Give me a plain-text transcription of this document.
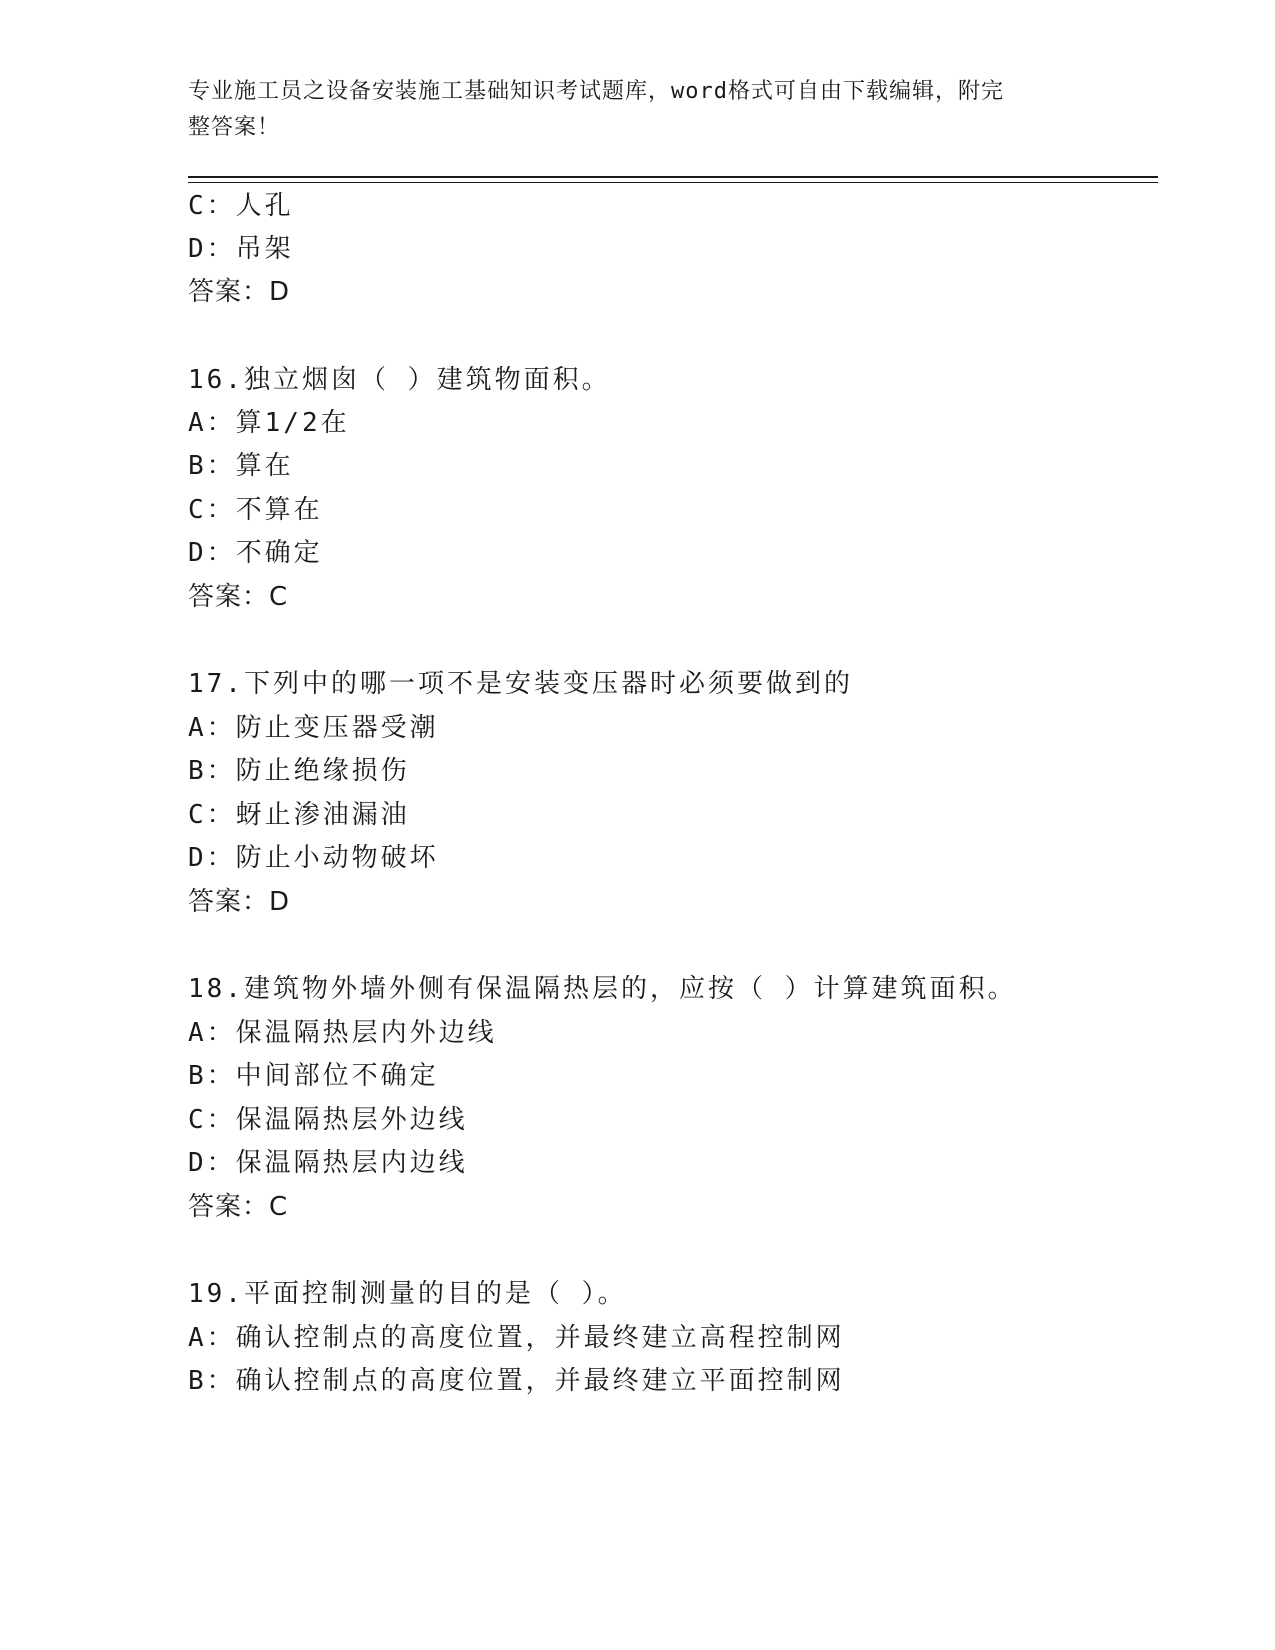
专业施工员之设备安装施工基础知识考试题库，word格式可自由下载编辑，附完
整答案！
C：人孔
D：吊架
答案：D
16.独立烟囱（ ）建筑物面积。
A：算1/2在
B：算在
C：不算在
D：不确定
答案：C
17.下列中的哪一项不是安装变压器时必须要做到的
A：防止变压器受潮
B：防止绝缘损伤
C：蚜止渗油漏油
D：防止小动物破坏
答案：D
18.建筑物外墙外侧有保温隔热层的，应按（ ）计算建筑面积。
A：保温隔热层内外边线
B：中间部位不确定
C：保温隔热层外边线
D：保温隔热层内边线
答案：C
19.平面控制测量的目的是（ ）。
A：确认控制点的高度位置，并最终建立高程控制网
B：确认控制点的高度位置，并最终建立平面控制网
